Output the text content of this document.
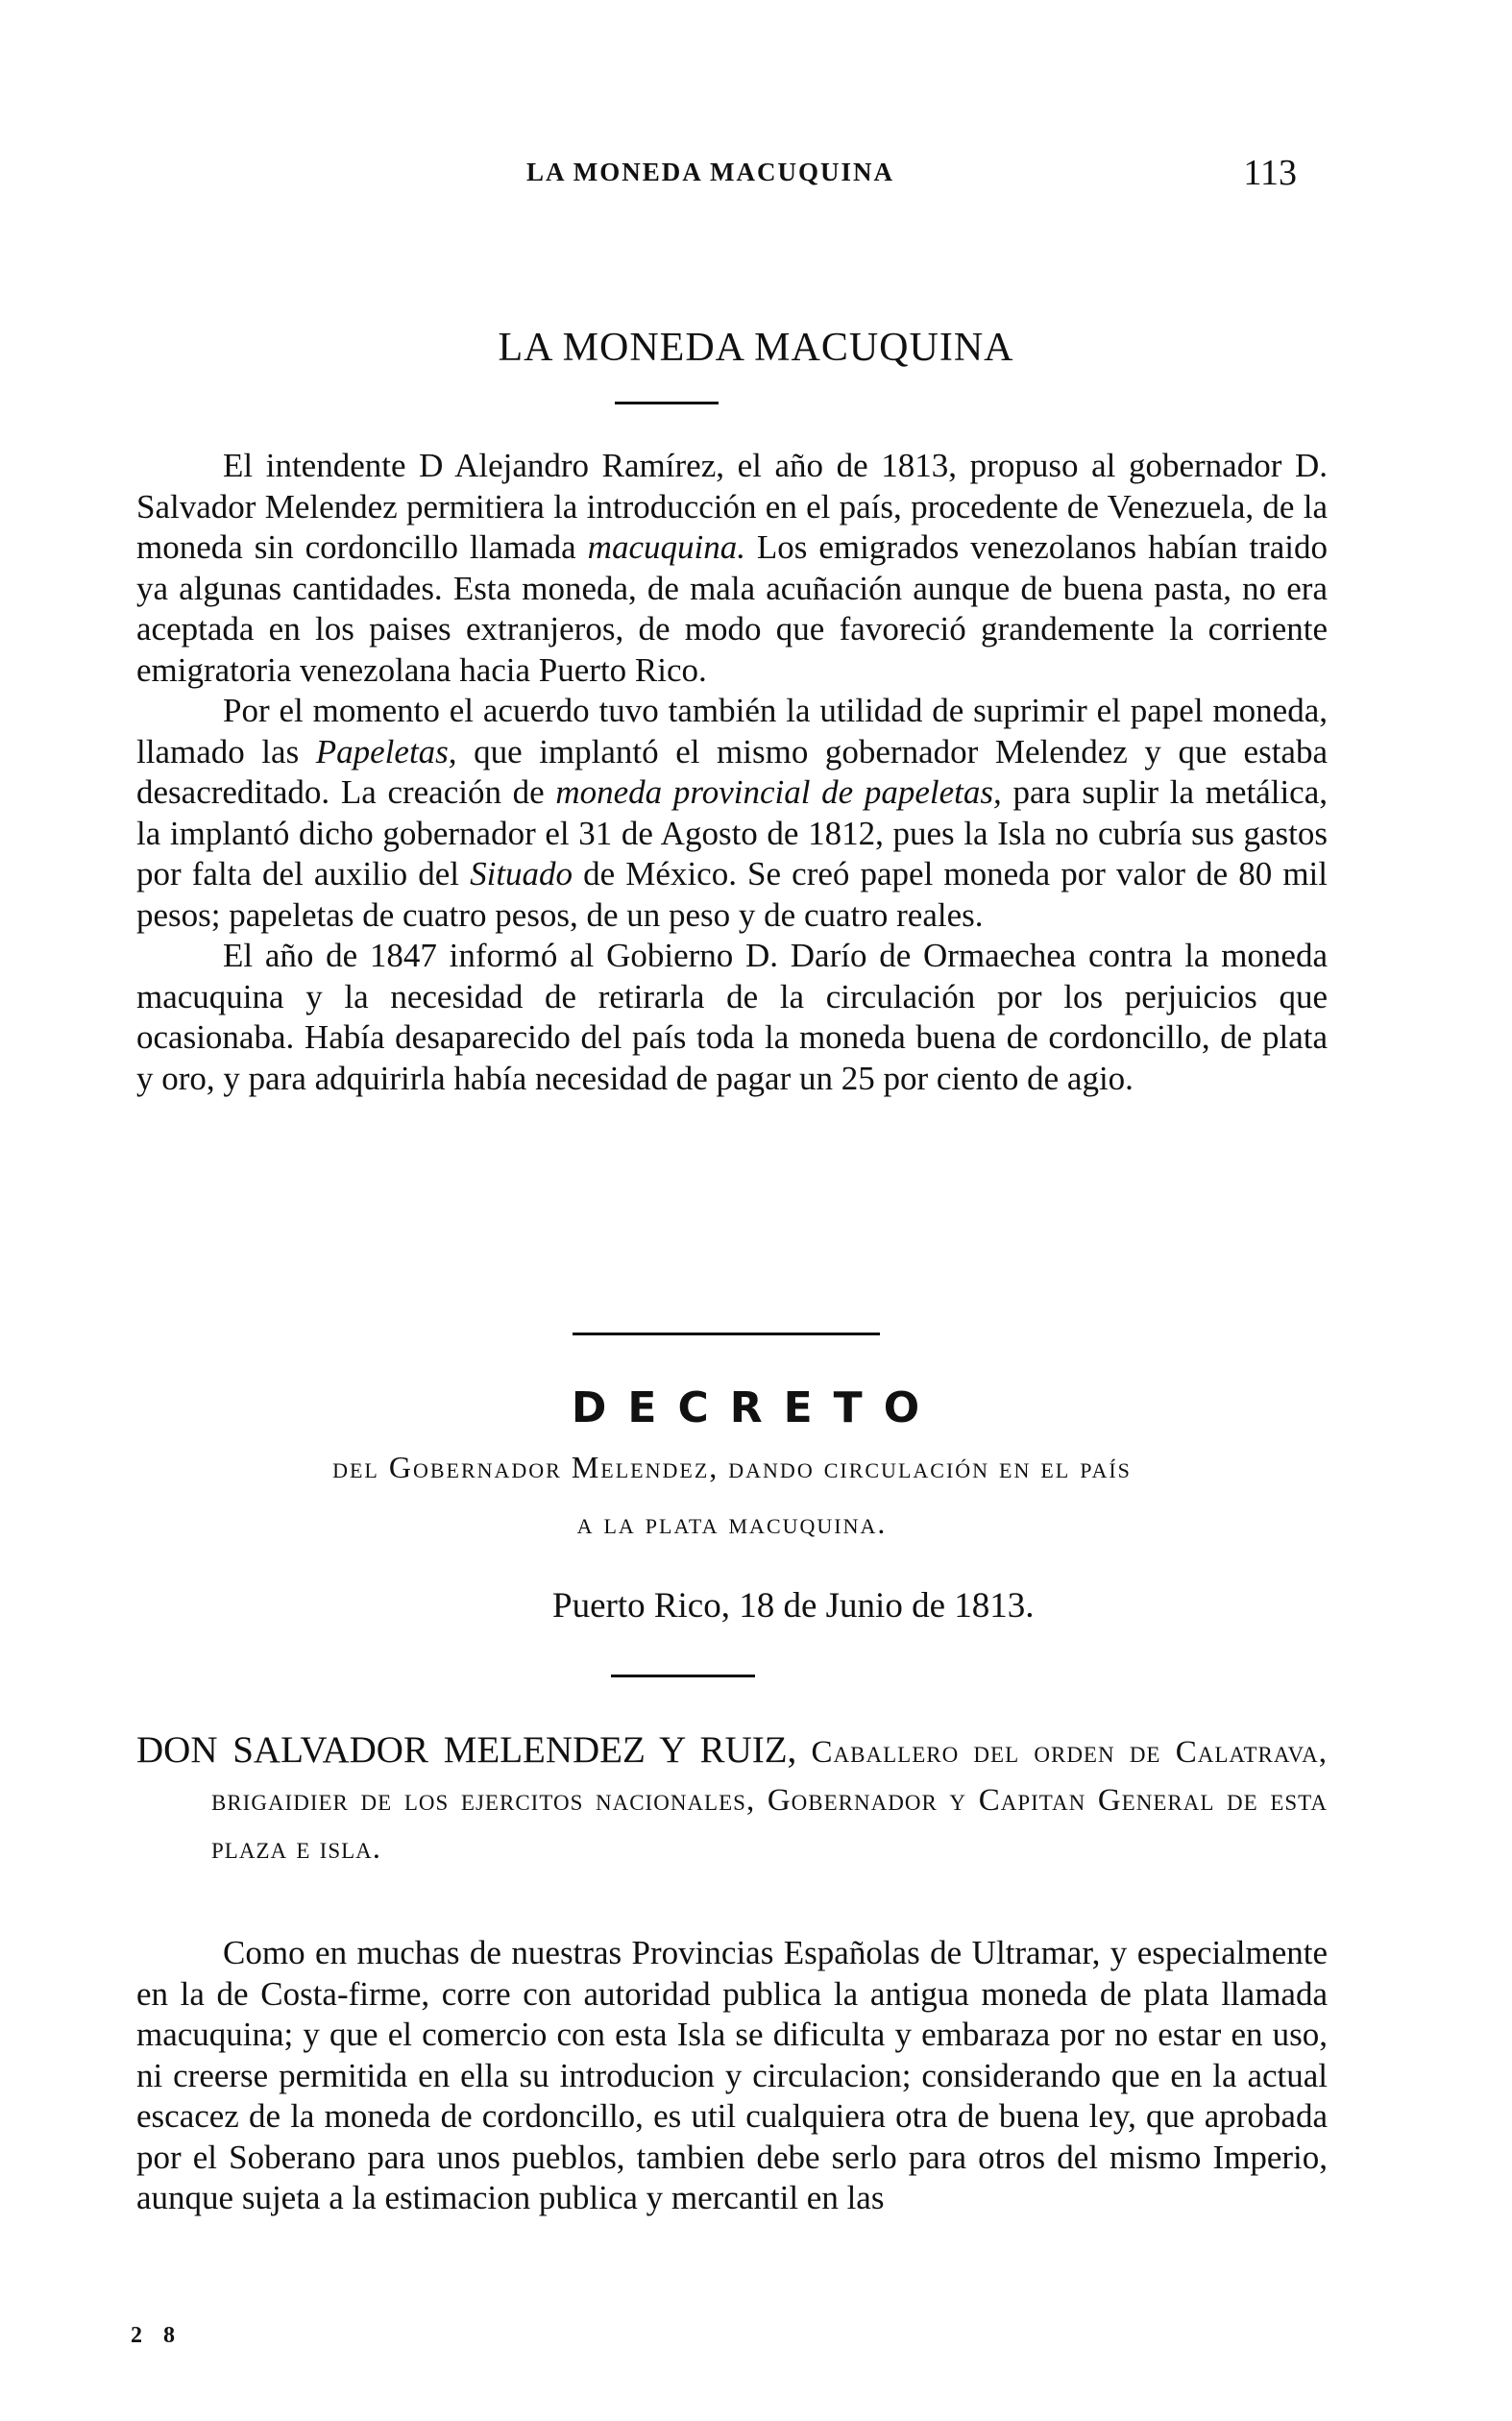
LA MONEDA MACUQUINA	113
LA MONEDA MACUQUINA

El intendente D Alejandro Ramírez, el año de 1813, propuso al gobernador D. Salvador Melendez permitiera la introducción en el país, procedente de Venezuela, de la moneda sin cordoncillo llamada macuquina. Los emigrados venezolanos habían traido ya algunas cantidades. Esta moneda, de mala acuñación aunque de buena pasta, no era aceptada en los paises extranjeros, de modo que favoreció grandemente la corriente emigratoria venezolana hacia Puerto Rico.

Por el momento el acuerdo tuvo también la utilidad de suprimir el papel moneda, llamado las Papeletas, que implantó el mismo gobernador Melendez y que estaba desacreditado. La creación de moneda provincial de papeletas, para suplir la metálica, la implantó dicho gobernador el 31 de Agosto de 1812, pues la Isla no cubría sus gastos por falta del auxilio del Situado de México. Se creó papel moneda por valor de 80 mil pesos; papeletas de cuatro pesos, de un peso y de cuatro reales.

El año de 1847 informó al Gobierno D. Darío de Ormaechea contra la moneda macuquina y la necesidad de retirarla de la circulación por los perjuicios que ocasionaba. Había desaparecido del país toda la moneda buena de cordoncillo, de plata y oro, y para adquirirla había necesidad de pagar un 25 por ciento de agio.

DECRETO
del Gobernador Melendez, dando circulación en el país
a la plata macuquina.
Puerto Rico, 18 de Junio de 1813.
DON SALVADOR MELENDEZ Y RUIZ, Caballero del orden de Calatrava, brigaidier de los ejercitos nacionales, Gobernador y Capitan General de esta plaza e isla.

Como en muchas de nuestras Provincias Españolas de Ultramar, y especialmente en la de Costa-firme, corre con autoridad publica la antigua moneda de plata llamada macuquina; y que el comercio con esta Isla se dificulta y embaraza por no estar en uso, ni creerse permitida en ella su introducion y circulacion; considerando que en la actual escacez de la moneda de cordoncillo, es util cualquiera otra de buena ley, que aprobada por el Soberano para unos pueblos, tambien debe serlo para otros del mismo Imperio, aunque sujeta a la estimacion publica y mercantil en las

2 8
